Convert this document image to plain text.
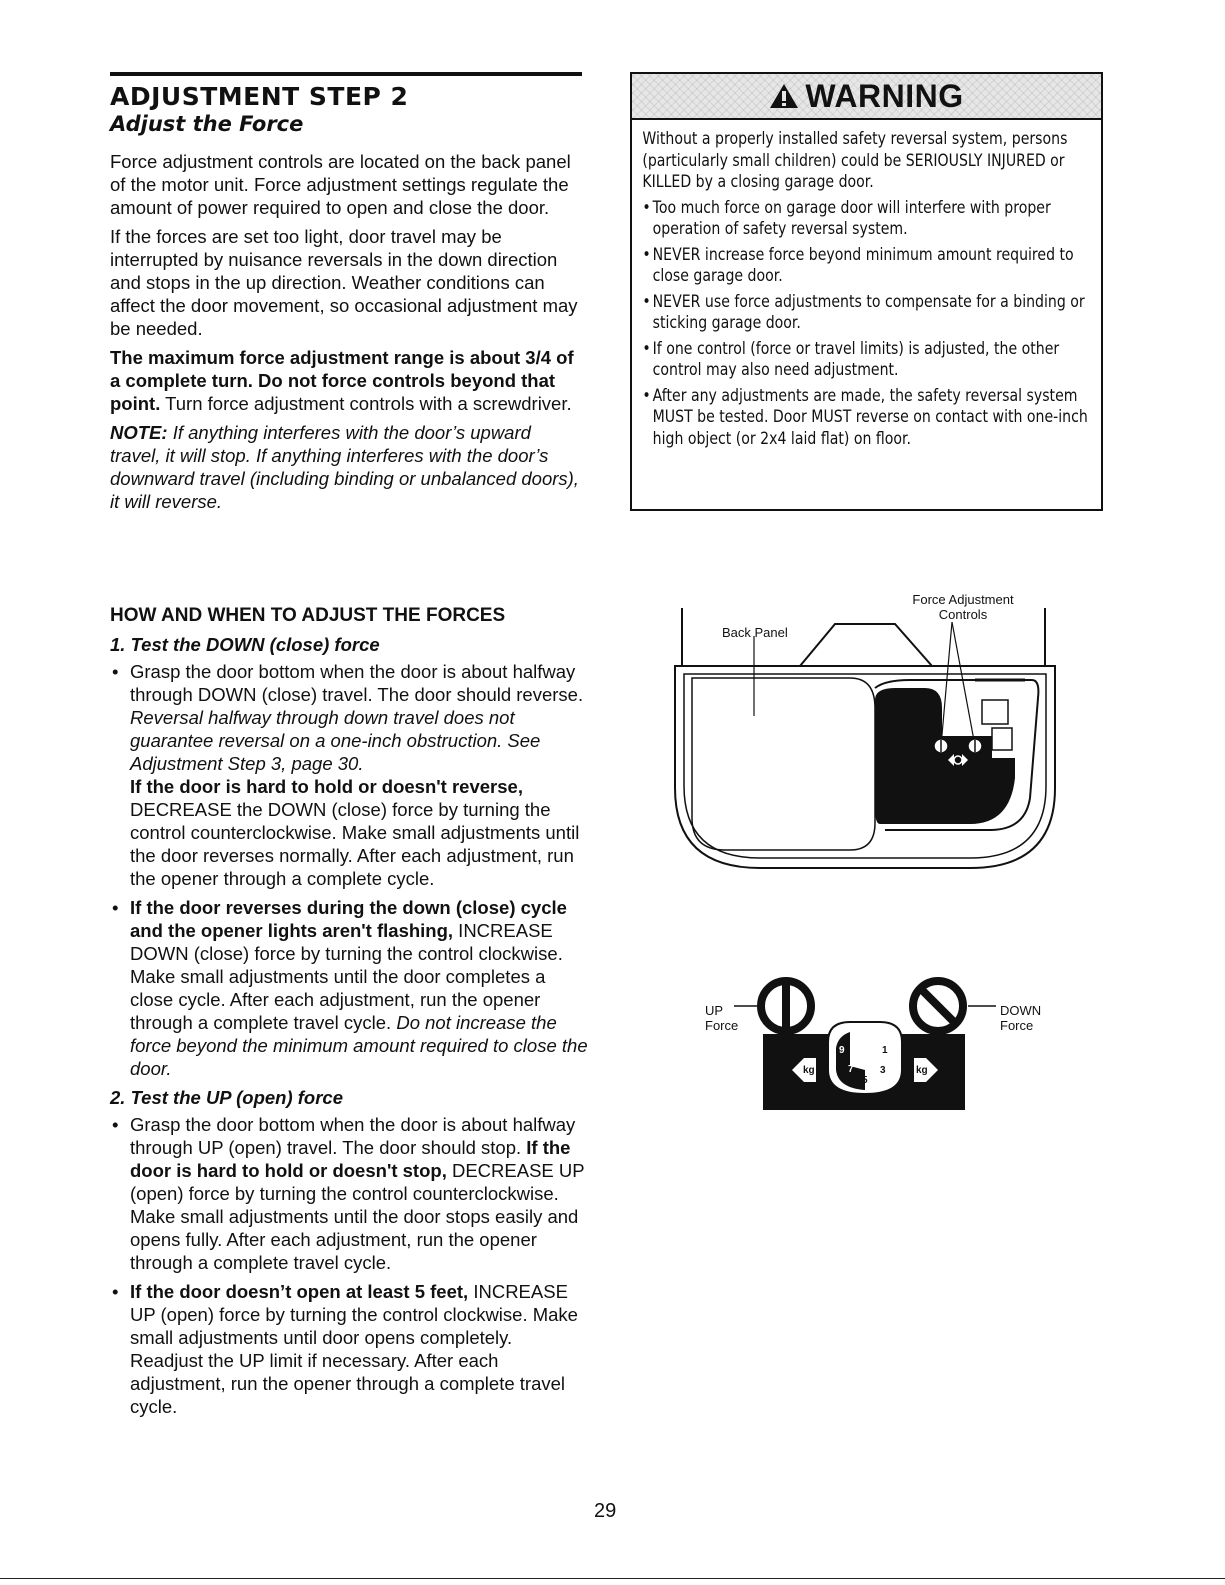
ADJUSTMENT STEP 2
Adjust the Force

Force adjustment controls are located on the back panel of the motor unit. Force adjustment settings regulate the amount of power required to open and close the door.

If the forces are set too light, door travel may be interrupted by nuisance reversals in the down direction and stops in the up direction. Weather conditions can affect the door movement, so occasional adjustment may be needed.

The maximum force adjustment range is about 3/4 of a complete turn. Do not force controls beyond that point. Turn force adjustment controls with a screwdriver.

NOTE: If anything interferes with the door’s upward travel, it will stop. If anything interferes with the door’s downward travel (including binding or unbalanced doors), it will reverse.

HOW AND WHEN TO ADJUST THE FORCES
1. Test the DOWN (close) force
• Grasp the door bottom when the door is about halfway through DOWN (close) travel. The door should reverse. Reversal halfway through down travel does not guarantee reversal on a one-inch obstruction. See Adjustment Step 3, page 30.
If the door is hard to hold or doesn't reverse, DECREASE the DOWN (close) force by turning the control counterclockwise. Make small adjustments until the door reverses normally. After each adjustment, run the opener through a complete cycle.
• If the door reverses during the down (close) cycle and the opener lights aren't flashing, INCREASE DOWN (close) force by turning the control clockwise. Make small adjustments until the door completes a close cycle. After each adjustment, run the opener through a complete travel cycle. Do not increase the force beyond the minimum amount required to close the door.
2. Test the UP (open) force
• Grasp the door bottom when the door is about halfway through UP (open) travel. The door should stop. If the door is hard to hold or doesn't stop, DECREASE UP (open) force by turning the control counterclockwise. Make small adjustments until the door stops easily and opens fully. After each adjustment, run the opener through a complete travel cycle.
• If the door doesn’t open at least 5 feet, INCREASE UP (open) force by turning the control clockwise. Make small adjustments until door opens completely. Readjust the UP limit if necessary. After each adjustment, run the opener through a complete travel cycle.
WARNING
Without a properly installed safety reversal system, persons (particularly small children) could be SERIOUSLY INJURED or KILLED by a closing garage door.
• Too much force on garage door will interfere with proper operation of safety reversal system.
• NEVER increase force beyond minimum amount required to close garage door.
• NEVER use force adjustments to compensate for a binding or sticking garage door.
• If one control (force or travel limits) is adjusted, the other control may also need adjustment.
• After any adjustments are made, the safety reversal system MUST be tested. Door MUST reverse on contact with one-inch high object (or 2x4 laid flat) on floor.
Force Adjustment
Controls
Back Panel
UP
Force
DOWN
Force
9	1
7
5
3
kg	kg
29
